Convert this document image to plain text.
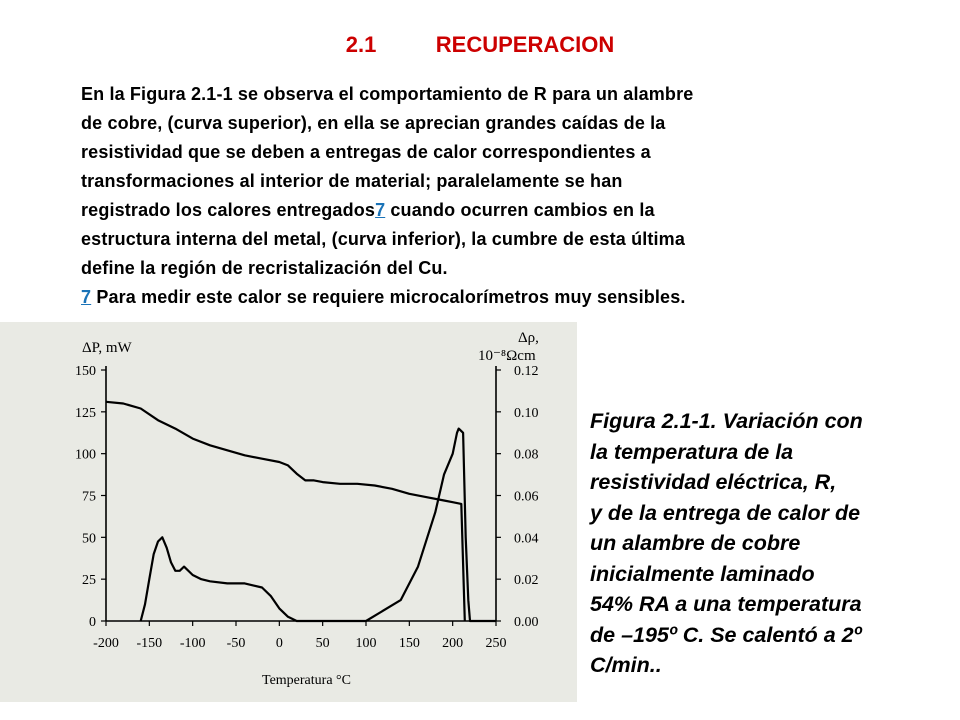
2.1	RECUPERACION
En la Figura 2.1-1 se observa el comportamiento de R para un alambre
de cobre, (curva superior), en ella se aprecian grandes caídas de la
resistividad que se deben a entregas de calor correspondientes a
transformaciones al interior de material; paralelamente se han
registrado los calores entregados7 cuando ocurren cambios en la
estructura interna del metal, (curva inferior), la cumbre de esta última
define la región de recristalización del Cu.
7 Para medir este calor se requiere microcalorímetros muy sensibles.
0
25
50
75
100
125
150
0.00
0.02
0.04
0.06
0.08
0.10
0.12
-200 -150 -100 -50 0 50 100 150 200 250
ΔP, mW
Δρ,
10⁻⁸Ωcm
Temperatura °C
Figura 2.1-1. Variación con
la temperatura de la
resistividad eléctrica, R,
y de la entrega de calor de
un alambre de cobre
inicialmente laminado
54% RA a una temperatura
de –195º C. Se calentó a 2º
C/min..
